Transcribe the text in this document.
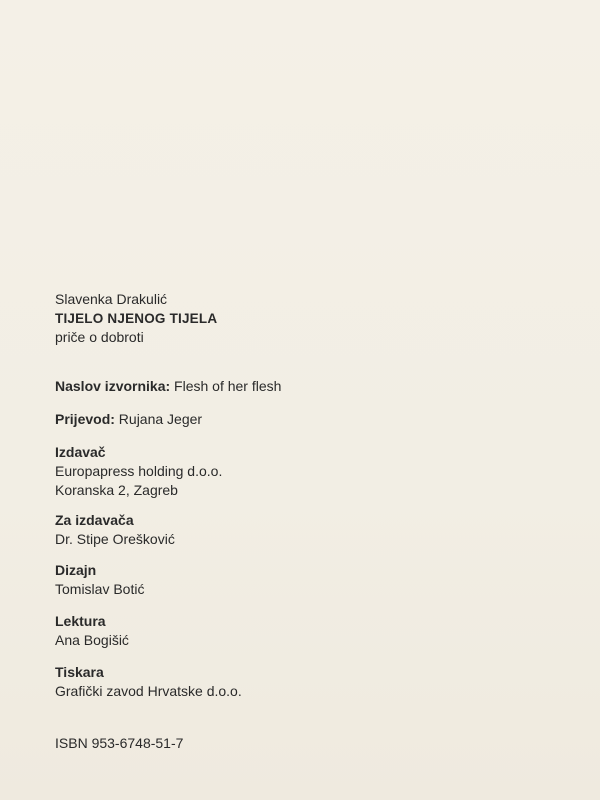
Slavenka Drakulić
TIJELO NJENOG TIJELA
priče o dobroti
Naslov izvornika: Flesh of her flesh
Prijevod: Rujana Jeger
Izdavač
Europapress holding d.o.o.
Koranska 2, Zagreb
Za izdavača
Dr. Stipe Orešković
Dizajn
Tomislav Botić
Lektura
Ana Bogišić
Tiskara
Grafički zavod Hrvatske d.o.o.
ISBN 953-6748-51-7
